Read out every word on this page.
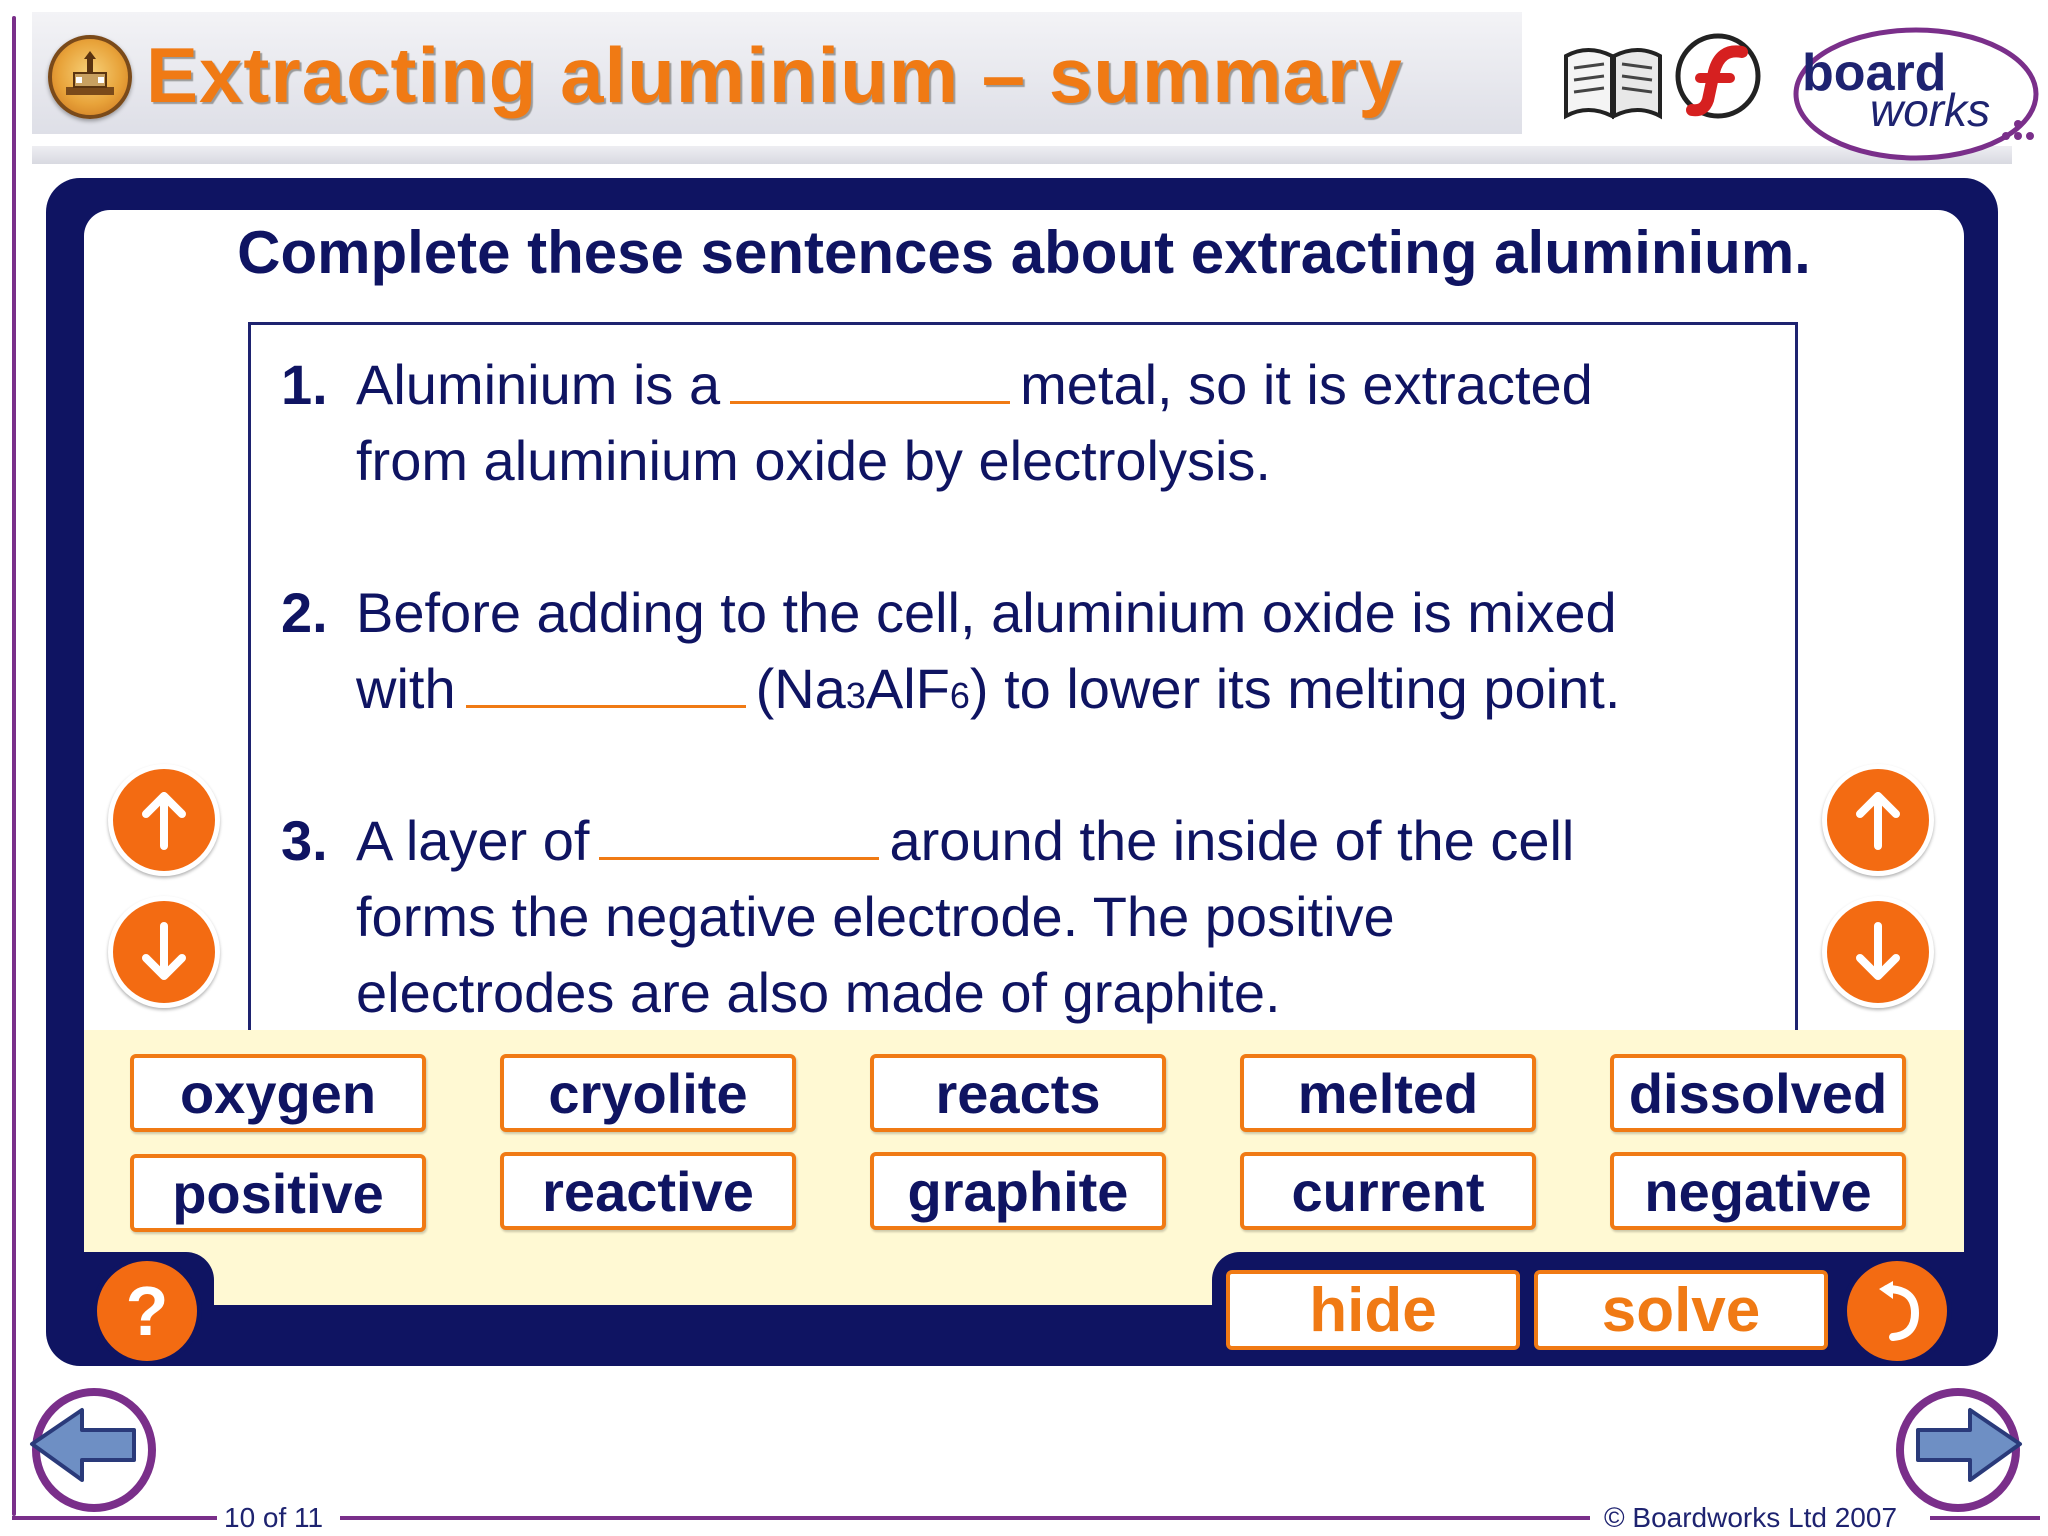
Extracting aluminium – summary	board
works
Complete these sentences about extracting aluminium.
1. Aluminium is a	metal, so it is extracted
from aluminium oxide by electrolysis.
2. Before adding to the cell, aluminium oxide is mixed
with	(Na3AlF6) to lower its melting point.
3. A layer of	around the inside of the cell
forms the negative electrode. The positive
electrodes are also made of graphite.
oxygen	cryolite	reacts	melted	dissolved
positive	reactive	graphite	current	negative
?	hide	solve
10 of 11	© Boardworks Ltd 2007
